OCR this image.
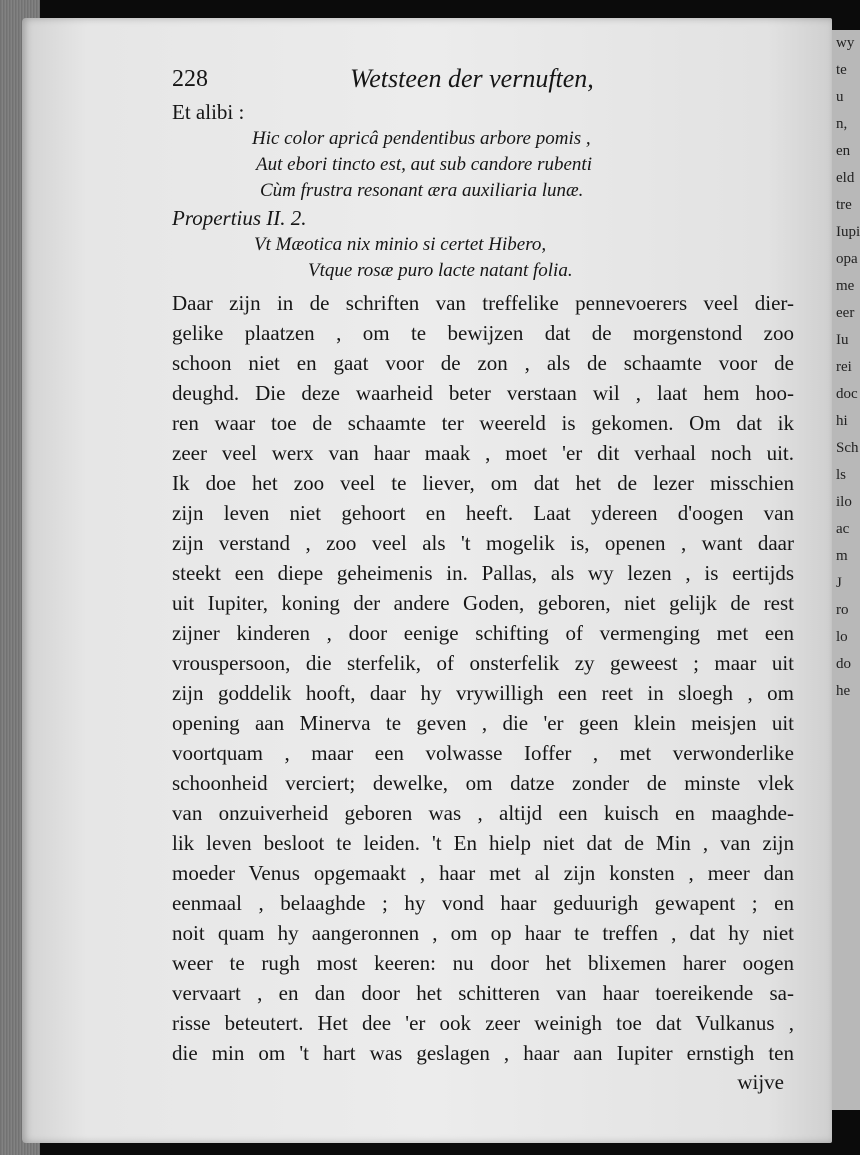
wy
te
u
n,
en
eld
tre
Iupi
opa
me
eer
Iu
rei
doc
hi
Sch
ls
ilo
ac
m
J
ro
lo
do
he
228	Wetsteen der vernuften,
Et alibi :
Hic color apricâ pendentibus arbore pomis ,
Aut ebori tincto est, aut sub candore rubenti
Cùm frustra resonant æra auxiliaria lunæ.
Propertius II. 2.
Vt Mæotica nix minio si certet Hibero,
Vtque rosæ puro lacte natant folia.
Daar zijn in de schriften van treffelike pennevoerers veel dier-
gelike plaatzen , om te bewijzen dat de morgenstond zoo
schoon niet en gaat voor de zon , als de schaamte voor de
deughd. Die deze waarheid beter verstaan wil , laat hem hoo-
ren waar toe de schaamte ter weereld is gekomen. Om dat ik
zeer veel werx van haar maak , moet 'er dit verhaal noch uit.
Ik doe het zoo veel te liever, om dat het de lezer misschien
zijn leven niet gehoort en heeft. Laat ydereen d'oogen van
zijn verstand , zoo veel als 't mogelik is, openen , want daar
steekt een diepe geheimenis in. Pallas, als wy lezen , is eertijds
uit Iupiter, koning der andere Goden, geboren, niet gelijk de rest
zijner kinderen , door eenige schifting of vermenging met een
vrouspersoon, die sterfelik, of onsterfelik zy geweest ; maar uit
zijn goddelik hooft, daar hy vrywilligh een reet in sloegh , om
opening aan Minerva te geven , die 'er geen klein meisjen uit
voortquam , maar een volwasse Ioffer , met verwonderlike
schoonheid verciert; dewelke, om datze zonder de minste vlek
van onzuiverheid geboren was , altijd een kuisch en maaghde-
lik leven besloot te leiden. 't En hielp niet dat de Min , van zijn
moeder Venus opgemaakt , haar met al zijn konsten , meer dan
eenmaal , belaaghde ; hy vond haar geduurigh gewapent ; en
noit quam hy aangeronnen , om op haar te treffen , dat hy niet
weer te rugh most keeren: nu door het blixemen harer oogen
vervaart , en dan door het schitteren van haar toereikende sa-
risse beteutert. Het dee 'er ook zeer weinigh toe dat Vulkanus ,
die min om 't hart was geslagen , haar aan Iupiter ernstigh ten
wijve
